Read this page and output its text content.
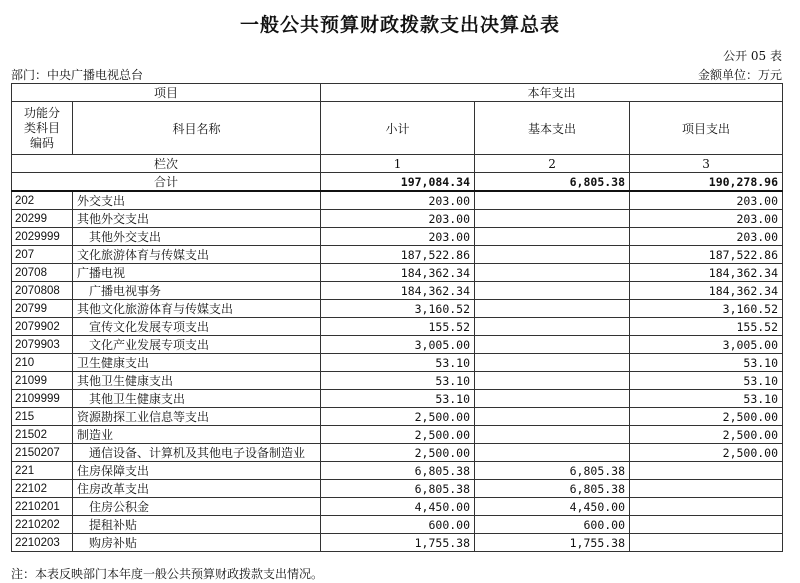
一般公共预算财政拨款支出决算总表
公开 05 表
部门：中央广播电视总台	金额单位：万元
项目		本年支出		
功能分类科目编码	科目名称	小计	基本支出	项目支出
栏次		1	2	3
合计		197,084.34	6,805.38	190,278.96
202	外交支出	203.00		203.00
20299	其他外交支出	203.00		203.00
2029999	其他外交支出	203.00		203.00
207	文化旅游体育与传媒支出	187,522.86		187,522.86
20708	广播电视	184,362.34		184,362.34
2070808	广播电视事务	184,362.34		184,362.34
20799	其他文化旅游体育与传媒支出	3,160.52		3,160.52
2079902	宣传文化发展专项支出	155.52		155.52
2079903	文化产业发展专项支出	3,005.00		3,005.00
210	卫生健康支出	53.10		53.10
21099	其他卫生健康支出	53.10		53.10
2109999	其他卫生健康支出	53.10		53.10
215	资源勘探工业信息等支出	2,500.00		2,500.00
21502	制造业	2,500.00		2,500.00
2150207	通信设备、计算机及其他电子设备制造业	2,500.00		2,500.00
221	住房保障支出	6,805.38	6,805.38	
22102	住房改革支出	6,805.38	6,805.38	
2210201	住房公积金	4,450.00	4,450.00	
2210202	提租补贴	600.00	600.00	
2210203	购房补贴	1,755.38	1,755.38	
注：本表反映部门本年度一般公共预算财政拨款支出情况。
